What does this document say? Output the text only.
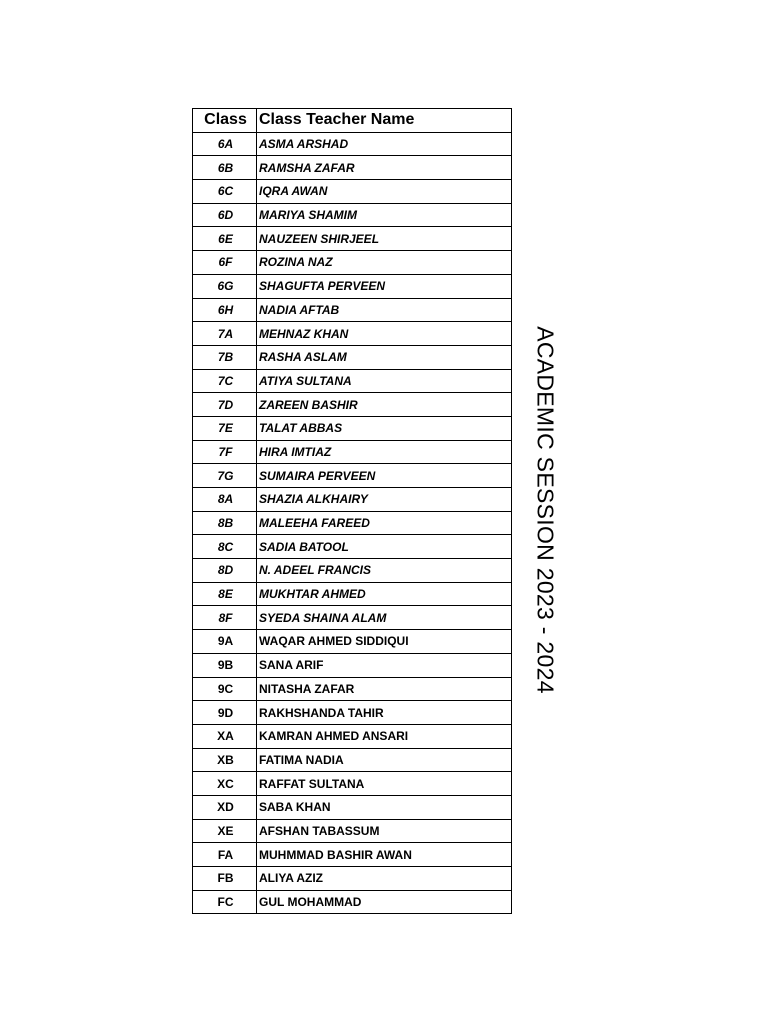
Class	Class Teacher Name
6A	ASMA ARSHAD
6B	RAMSHA ZAFAR
6C	IQRA AWAN
6D	MARIYA SHAMIM
6E	NAUZEEN SHIRJEEL
6F	ROZINA NAZ
6G	SHAGUFTA PERVEEN
6H	NADIA AFTAB
7A	MEHNAZ KHAN
7B	RASHA ASLAM
7C	ATIYA SULTANA
7D	ZAREEN BASHIR
7E	TALAT ABBAS
7F	HIRA IMTIAZ
7G	SUMAIRA PERVEEN
8A	SHAZIA ALKHAIRY
8B	MALEEHA FAREED
8C	SADIA BATOOL
8D	N. ADEEL FRANCIS
8E	MUKHTAR AHMED
8F	SYEDA SHAINA ALAM
9A	WAQAR AHMED SIDDIQUI
9B	SANA ARIF
9C	NITASHA ZAFAR
9D	RAKHSHANDA TAHIR
XA	KAMRAN AHMED ANSARI
XB	FATIMA NADIA
XC	RAFFAT SULTANA
XD	SABA KHAN
XE	AFSHAN TABASSUM
FA	MUHMMAD BASHIR AWAN
FB	ALIYA AZIZ
FC	GUL MOHAMMAD
ACADEMIC SESSION 2023 - 2024
